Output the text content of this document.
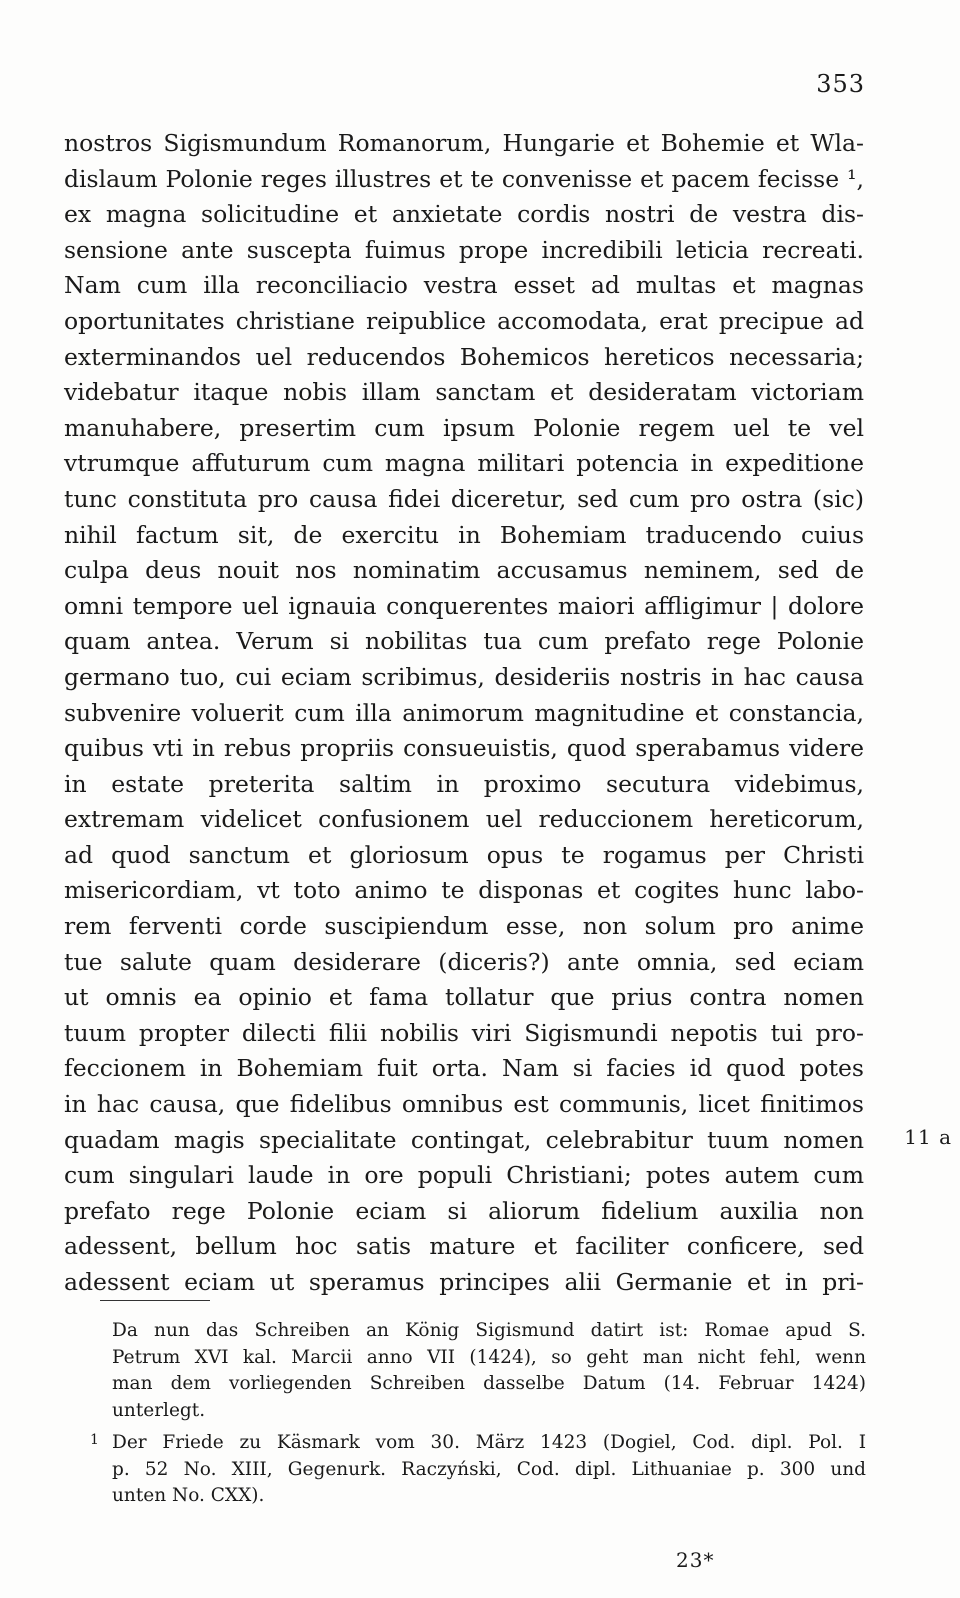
353
nostros Sigismundum Romanorum, Hungarie et Bohemie et Wla-
dislaum Polonie reges illustres et te convenisse et pacem fecisse ¹,
ex magna solicitudine et anxietate cordis nostri de vestra dis-
sensione ante suscepta fuimus prope incredibili leticia recreati.
Nam cum illa reconciliacio vestra esset ad multas et magnas
oportunitates christiane reipublice accomodata, erat precipue ad
exterminandos uel reducendos Bohemicos hereticos necessaria;
videbatur itaque nobis illam sanctam et desideratam victoriam
manuhabere, presertim cum ipsum Polonie regem uel te vel
vtrumque affuturum cum magna militari potencia in expeditione
tunc constituta pro causa fidei diceretur, sed cum pro ostra (sic)
nihil factum sit, de exercitu in Bohemiam traducendo cuius
culpa deus nouit nos nominatim accusamus neminem, sed de
omni tempore uel ignauia conquerentes maiori affligimur | dolore
quam antea. Verum si nobilitas tua cum prefato rege Polonie
germano tuo, cui eciam scribimus, desideriis nostris in hac causa
subvenire voluerit cum illa animorum magnitudine et constancia,
quibus vti in rebus propriis consueuistis, quod sperabamus videre
in estate preterita saltim in proximo secutura videbimus,
extremam videlicet confusionem uel reduccionem hereticorum,
ad quod sanctum et gloriosum opus te rogamus per Christi
misericordiam, vt toto animo te disponas et cogites hunc labo-
rem ferventi corde suscipiendum esse, non solum pro anime
tue salute quam desiderare (diceris?) ante omnia, sed eciam
ut omnis ea opinio et fama tollatur que prius contra nomen
tuum propter dilecti filii nobilis viri Sigismundi nepotis tui pro-
feccionem in Bohemiam fuit orta. Nam si facies id quod potes
in hac causa, que fidelibus omnibus est communis, licet finitimos
quadam magis specialitate contingat, celebrabitur tuum nomen
cum singulari laude in ore populi Christiani; potes autem cum
prefato rege Polonie eciam si aliorum fidelium auxilia non
adessent, bellum hoc satis mature et faciliter conficere, sed
adessent eciam ut speramus principes alii Germanie et in pri-
11 a
Da nun das Schreiben an König Sigismund datirt ist: Romae apud S.
Petrum XVI kal. Marcii anno VII (1424), so geht man nicht fehl, wenn
man dem vorliegenden Schreiben dasselbe Datum (14. Februar 1424)
unterlegt.
1 Der Friede zu Käsmark vom 30. März 1423 (Dogiel, Cod. dipl. Pol. I
p. 52 No. XIII, Gegenurk. Raczyński, Cod. dipl. Lithuaniae p. 300 und
unten No. CXX).
23*
